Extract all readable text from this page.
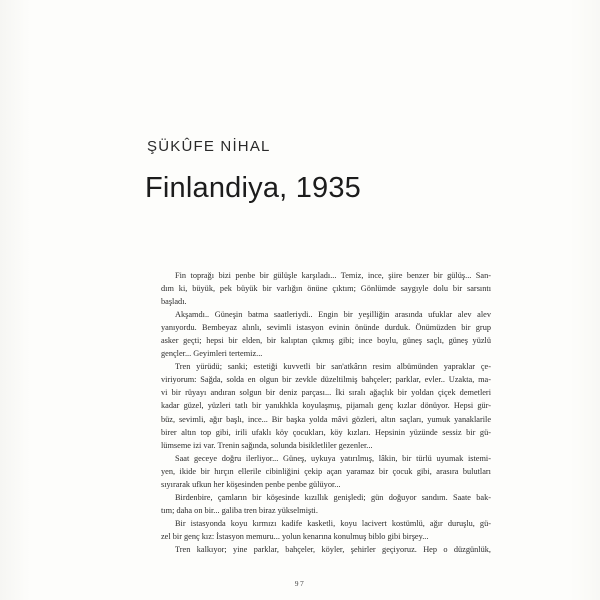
ŞÜKÛFE NİHAL
Finlandiya, 1935
Fin toprağı bizi penbe bir gülüşle karşıladı... Temiz, ince, şiire benzer bir gülüş... San-
dım ki, büyük, pek büyük bir varlığın önüne çıktım; Gönlümde saygıyle dolu bir sarsıntı
başladı.
Akşamdı.. Güneşin batma saatleriydi.. Engin bir yeşilliğin arasında ufuklar alev alev
yanıyordu. Bembeyaz alınlı, sevimli istasyon evinin önünde durduk. Önümüzden bir grup
asker geçti; hepsi bir elden, bir kalıptan çıkmış gibi; ince boylu, güneş saçlı, güneş yüzlü
gençler... Geyimleri tertemiz...
Tren yürüdü; sanki; estetiği kuvvetli bir san'atkârın resim albümünden yapraklar çe-
viriyorum: Sağda, solda en olgun bir zevkle düzeltilmiş bahçeler; parklar, evler.. Uzakta, ma-
vi bir rüyayı andıran solgun bir deniz parçası... İki sıralı ağaçlık bir yoldan çiçek demetleri
kadar güzel, yüzleri tatlı bir yanıkhkla koyulaşmış, pijamalı genç kızlar dönüyor. Hepsi gür-
büz, sevimli, ağır başlı, ince... Bir başka yolda mâvi gözleri, altın saçları, yumuk yanaklarile
birer altın top gibi, irili ufaklı köy çocukları, köy kızları. Hepsinin yüzünde sessiz bir gü-
lümseme izi var. Trenin sağında, solunda bisikletliler gezenler...
Saat geceye doğru ilerliyor... Güneş, uykuya yatırılmış, lâkin, bir türlü uyumak istemi-
yen, ikide bir hırçın ellerile cibinliğini çekip açan yaramaz bir çocuk gibi, arasıra bulutları
sıyırarak ufkun her köşesinden penbe penbe gülüyor...
Birdenbire, çamların bir köşesinde kızıllık genişledi; gün doğuyor sandım. Saate bak-
tım; daha on bir... galiba tren biraz yükselmişti.
Bir istasyonda koyu kırmızı kadife kasketli, koyu lacivert kostümlü, ağır duruşlu, gü-
zel bir genç kız: İstasyon memuru... yolun kenarına konulmuş biblo gibi birşey...
Tren kalkıyor; yine parklar, bahçeler, köyler, şehirler geçiyoruz. Hep o düzgünlük,
97
